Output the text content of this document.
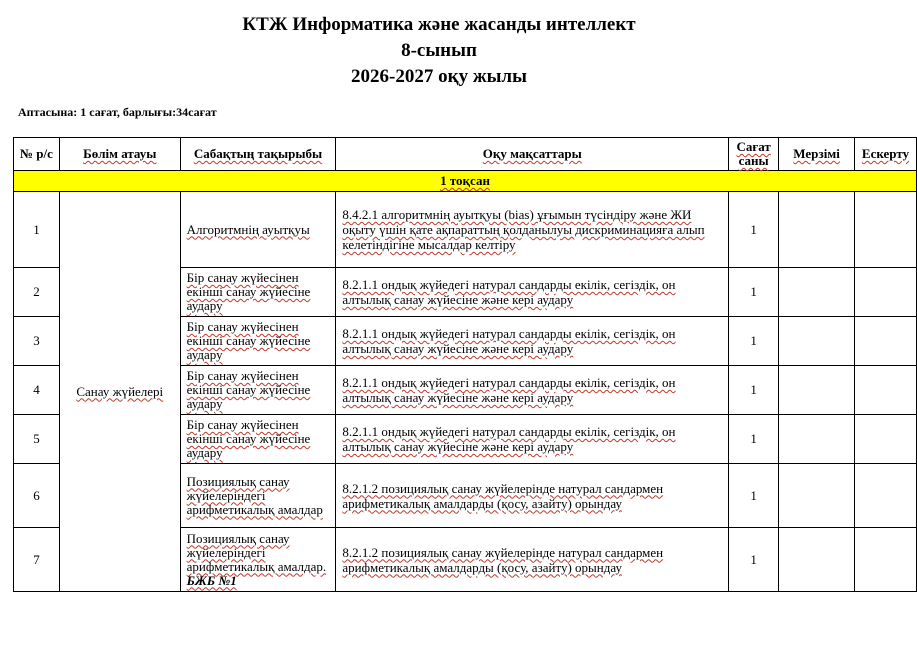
КТЖ Информатика және жасанды интеллект
8-сынып
2026-2027 оқу жылы
Аптасына: 1 сағат, барлығы:34сағат
№ р/с	Бөлім атауы	Сабақтың тақырыбы	Оқу мақсаттары	Сағат саны	Мерзімі	Ескерту
1 тоқсан						
1	Санау жүйелері	Алгоритмнің ауытқуы	8.4.2.1 алгоритмнің ауытқуы (bias) ұғымын түсіндіру және ЖИ оқыту үшін қате ақпараттың қолданылуы дискриминацияға алып келетіндігіне мысалдар келтіру	1		
2		Бір санау жүйесінен екінші санау жүйесіне аудару	8.2.1.1 ондық жүйедегі натурал сандарды екілік, сегіздік, он алтылық санау жүйесіне және кері аудару	1		
3		Бір санау жүйесінен екінші санау жүйесіне аудару	8.2.1.1 ондық жүйедегі натурал сандарды екілік, сегіздік, он алтылық санау жүйесіне және кері аудару	1		
4		Бір санау жүйесінен екінші санау жүйесіне аудару	8.2.1.1 ондық жүйедегі натурал сандарды екілік, сегіздік, он алтылық санау жүйесіне және кері аудару	1		
5		Бір санау жүйесінен екінші санау жүйесіне аудару	8.2.1.1 ондық жүйедегі натурал сандарды екілік, сегіздік, он алтылық санау жүйесіне және кері аудару	1		
6		Позициялық санау жүйелеріндегі арифметикалық амалдар	8.2.1.2 позициялық санау жүйелерінде натурал сандармен арифметикалық амалдарды (қосу, азайту) орындау	1		
7		Позициялық санау жүйелеріндегі арифметикалық амалдар. БЖБ №1	8.2.1.2 позициялық санау жүйелерінде натурал сандармен арифметикалық амалдарды (қосу, азайту) орындау	1		
